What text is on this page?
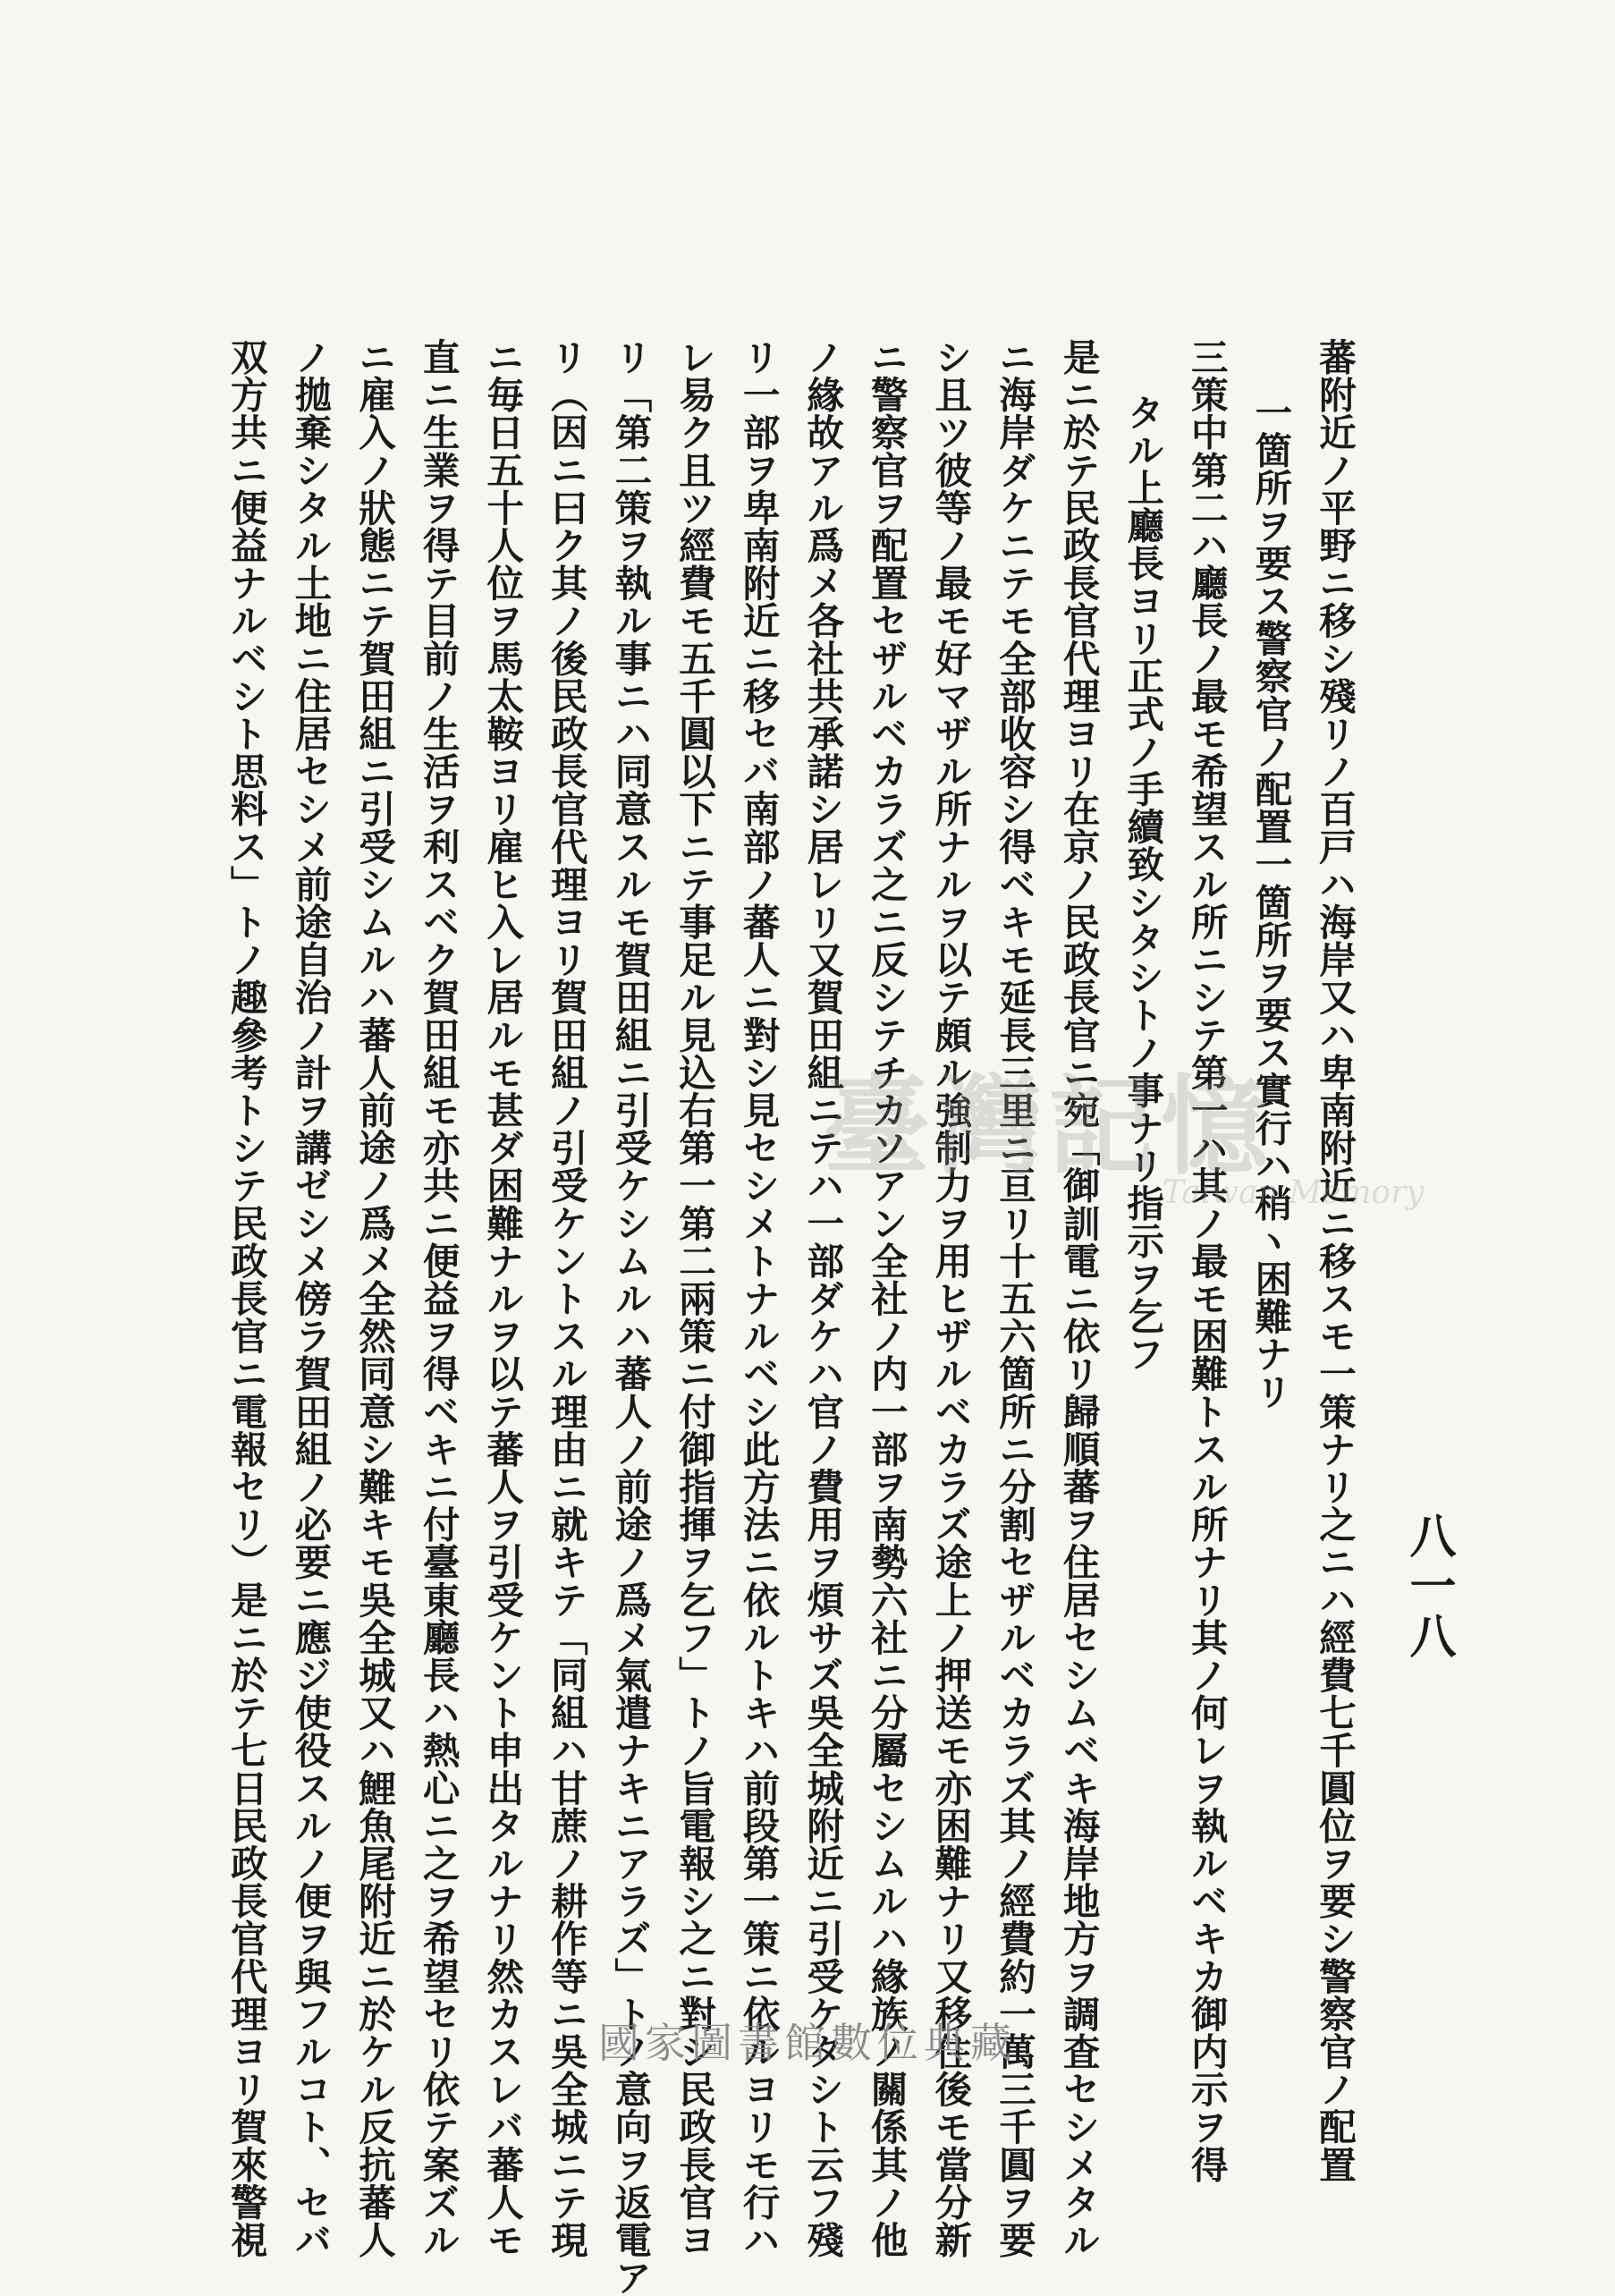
八一八
蕃附近ノ平野ニ移シ殘リノ百戸ハ海岸又ハ卑南附近ニ移スモ一策ナリ之ニハ經費七千圓位ヲ要シ警察官ノ配置
一箇所ヲ要ス警察官ノ配置一箇所ヲ要ス實行ハ稍ヽ困難ナリ
三策中第二ハ廳長ノ最モ希望スル所ニシテ第一ハ其ノ最モ困難トスル所ナリ其ノ何レヲ執ルベキカ御内示ヲ得
タル上廳長ヨリ正式ノ手續致シタシトノ事ナリ指示ヲ乞フ
是ニ於テ民政長官代理ヨリ在京ノ民政長官ニ宛「御訓電ニ依リ歸順蕃ヲ住居セシムベキ海岸地方ヲ調査セシメタル
ニ海岸ダケニテモ全部收容シ得ベキモ延長三里ニ亘リ十五六箇所ニ分割セザルベカラズ其ノ經費約一萬三千圓ヲ要
シ且ツ彼等ノ最モ好マザル所ナルヲ以テ頗ル強制力ヲ用ヒザルベカラズ途上ノ押送モ亦困難ナリ又移住後モ當分新
ニ警察官ヲ配置セザルベカラズ之ニ反シテチカソアン全社ノ内一部ヲ南勢六社ニ分屬セシムルハ緣族ノ關係其ノ他
ノ緣故アル爲メ各社共承諾シ居レリ又賀田組ニテハ一部ダケハ官ノ費用ヲ煩サズ吳全城附近ニ引受ケタシト云フ殘
リ一部ヲ卑南附近ニ移セバ南部ノ蕃人ニ對シ見セシメトナルベシ此方法ニ依ルトキハ前段第一策ニ依ルヨリモ行ハ
レ易ク且ツ經費モ五千圓以下ニテ事足ル見込右第一第二兩策ニ付御指揮ヲ乞フ」トノ旨電報シ之ニ對シ民政長官ヨ
リ「第二策ヲ執ル事ニハ同意スルモ賀田組ニ引受ケシムルハ蕃人ノ前途ノ爲メ氣遣ナキニアラズ」トノ意向ヲ返電ア
リ（因ニ曰ク其ノ後民政長官代理ヨリ賀田組ノ引受ケントスル理由ニ就キテ「同組ハ甘蔗ノ耕作等ニ吳全城ニテ現
ニ毎日五十人位ヲ馬太鞍ヨリ雇ヒ入レ居ルモ甚ダ困難ナルヲ以テ蕃人ヲ引受ケント申出タルナリ然カスレバ蕃人モ
直ニ生業ヲ得テ目前ノ生活ヲ利スベク賀田組モ亦共ニ便益ヲ得ベキニ付臺東廳長ハ熱心ニ之ヲ希望セリ依テ案ズル
ニ雇入ノ狀態ニテ賀田組ニ引受シムルハ蕃人前途ノ爲メ全然同意シ難キモ吳全城又ハ鯉魚尾附近ニ於ケル反抗蕃人
ノ拋棄シタル土地ニ住居セシメ前途自治ノ計ヲ講ゼシメ傍ラ賀田組ノ必要ニ應ジ使役スルノ便ヲ與フルコト、セバ
双方共ニ便益ナルベシト思料ス」トノ趣參考トシテ民政長官ニ電報セリ）是ニ於テ七日民政長官代理ヨリ賀來警視	臺灣記憶
Taiwan Memory
國家圖書館數位典藏
